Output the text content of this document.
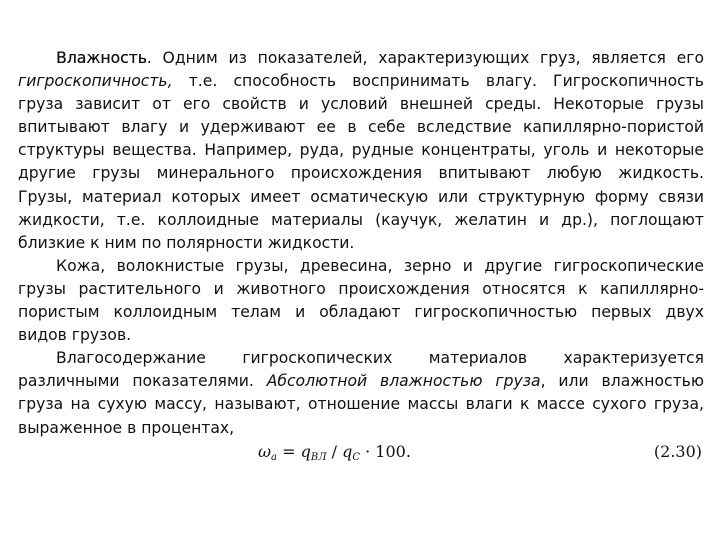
Влажность. Одним из показателей, характеризующих груз, является его
гигроскопичность, т.е. способность воспринимать влагу. Гигроскопичность
груза зависит от его свойств и условий внешней среды. Некоторые грузы
впитывают влагу и удерживают ее в себе вследствие капиллярно-пористой
структуры вещества. Например, руда, рудные концентраты, уголь и некоторые
другие грузы минерального происхождения впитывают любую жидкость.
Грузы, материал которых имеет осматическую или структурную форму связи
жидкости, т.е. коллоидные материалы (каучук, желатин и др.), поглощают
близкие к ним по полярности жидкости.
Кожа, волокнистые грузы, древесина, зерно и другие гигроскопические
грузы растительного и животного происхождения относятся к капиллярно-
пористым коллоидным телам и обладают гигроскопичностью первых двух
видов грузов.
Влагосодержание гигроскопических материалов характеризуется
различными показателями. Абсолютной влажностью груза, или влажностью
груза на сухую массу, называют, отношение массы влаги к массе сухого груза,
выраженное в процентах,
$\omega_a = q_{ВЛ} / q_С \cdot 100$.	(2.30)
